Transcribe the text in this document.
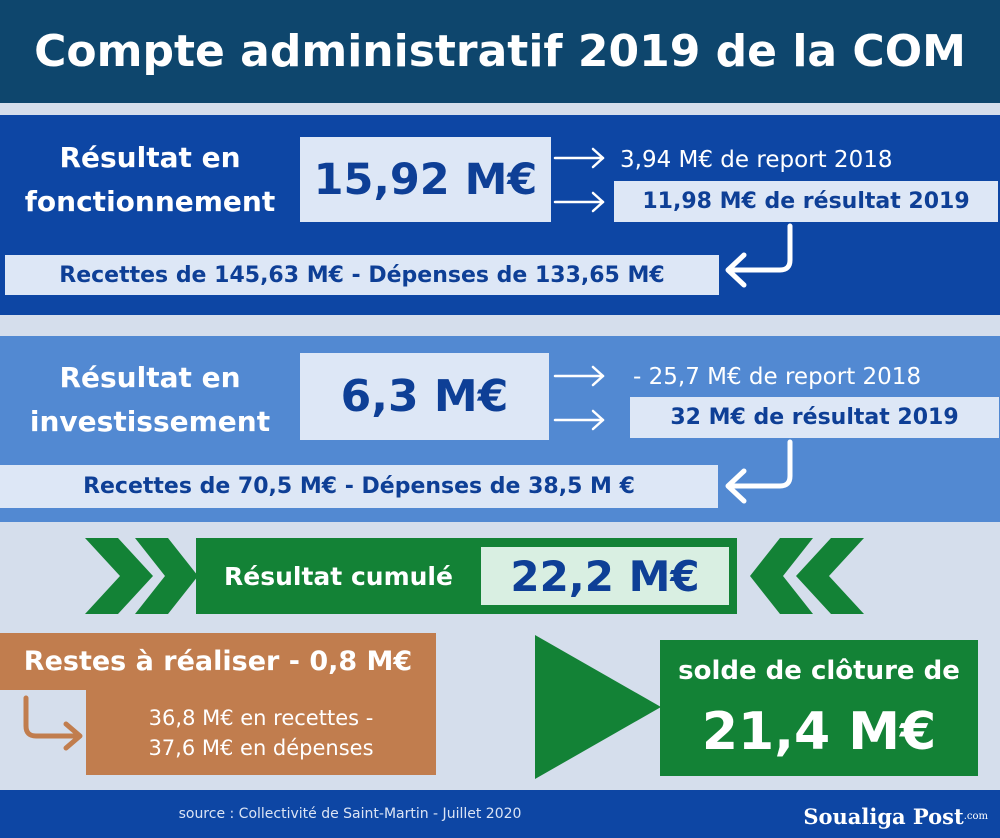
Compte administratif 2019 de la COM
Résultat en
fonctionnement 15,92 M€	3,94 M€ de report 2018
11,98 M€ de résultat 2019
Recettes de 145,63 M€ - Dépenses de 133,65 M€
Résultat en
investissement	6,3 M€	- 25,7 M€ de report 2018
32 M€ de résultat 2019
Recettes de 70,5 M€ - Dépenses de 38,5 M €
Résultat cumulé	22,2 M€
Restes à réaliser - 0,8 M€
36,8 M€ en recettes -
37,6 M€ en dépenses
solde de clôture de
21,4 M€
source : Collectivité de Saint-Martin - Juillet 2020	Soualiga Post .com
